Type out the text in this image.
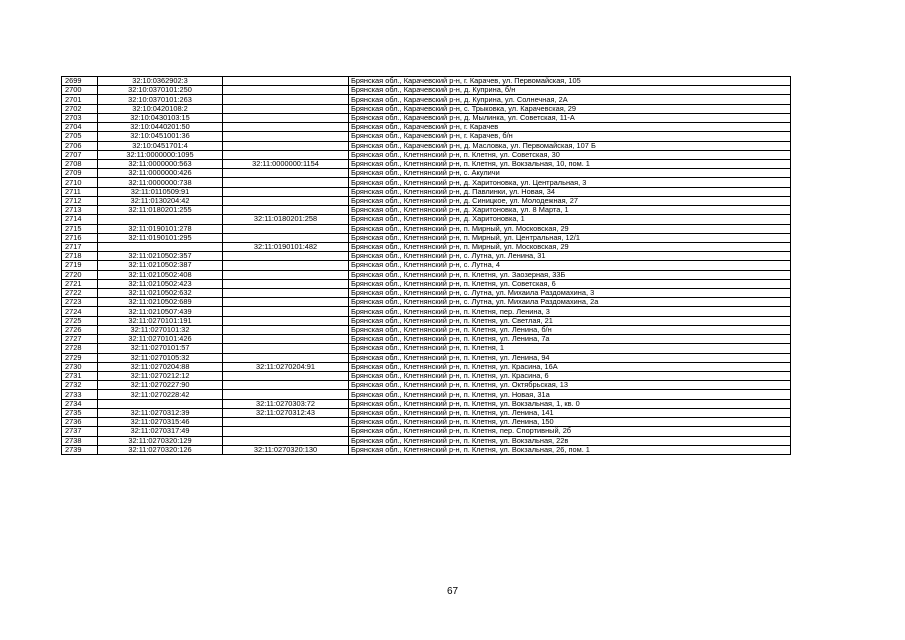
2699	32:10:0362902:3		Брянская обл., Карачевский р-н, г. Карачев, ул. Первомайская, 105
2700	32:10:0370101:250		Брянская обл., Карачевский р-н, д. Куприна, б/н
2701	32:10:0370101:263		Брянская обл., Карачевский р-н, д. Куприна, ул. Солнечная, 2А
2702	32:10:0420108:2		Брянская обл., Карачевский р-н, с. Трыковка, ул. Карачевская, 29
2703	32:10:0430103:15		Брянская обл., Карачевский р-н, д. Мылинка, ул. Советская, 11-А
2704	32:10:0440201:50		Брянская обл., Карачевский р-н, г. Карачев
2705	32:10:0451001:36		Брянская обл., Карачевский р-н, г. Карачев, б/н
2706	32:10:0451701:4		Брянская обл., Карачевский р-н, д. Масловка, ул. Первомайская, 107 Б
2707	32:11:0000000:1095		Брянская обл., Клетнянский р-н, п. Клетня, ул. Советская, 30
2708	32:11:0000000:563	32:11:0000000:1154	Брянская обл., Клетнянский р-н, п. Клетня, ул. Вокзальная, 10, пом. 1
2709	32:11:0000000:426		Брянская обл., Клетнянский р-н, с. Акуличи
2710	32:11:0000000:738		Брянская обл., Клетнянский р-н, д. Харитоновка, ул. Центральная, 3
2711	32:11:0110509:91		Брянская обл., Клетнянский р-н, д. Павлинки, ул. Новая, 34
2712	32:11:0130204:42		Брянская обл., Клетнянский р-н, д. Синицкое, ул. Молодежная, 27
2713	32:11:0180201:255		Брянская обл., Клетнянский р-н, д. Харитоновка, ул. 8 Марта, 1
2714		32:11:0180201:258	Брянская обл., Клетнянский р-н, д. Харитоновка, 1
2715	32:11:0190101:278		Брянская обл., Клетнянский р-н, п. Мирный, ул. Московская, 29
2716	32:11:0190101:295		Брянская обл., Клетнянский р-н, п. Мирный, ул. Центральная, 12/1
2717		32:11:0190101:482	Брянская обл., Клетнянский р-н, п. Мирный, ул. Московская, 29
2718	32:11:0210502:357		Брянская обл., Клетнянский р-н, с. Лутна, ул. Ленина, 31
2719	32:11:0210502:387		Брянская обл., Клетнянский р-н, с. Лутна, 4
2720	32:11:0210502:408		Брянская обл., Клетнянский р-н, п. Клетня, ул. Заозерная, 33Б
2721	32:11:0210502:423		Брянская обл., Клетнянский р-н, п. Клетня, ул. Советская, 6
2722	32:11:0210502:632		Брянская обл., Клетнянский р-н, с. Лутна, ул. Михаила Раздомахина, 3
2723	32:11:0210502:689		Брянская обл., Клетнянский р-н, с. Лутна, ул. Михаила Раздомахина, 2а
2724	32:11:0210507:439		Брянская обл., Клетнянский р-н, п. Клетня, пер. Ленина, 3
2725	32:11:0270101:191		Брянская обл., Клетнянский р-н, п. Клетня, ул. Светлая, 21
2726	32:11:0270101:32		Брянская обл., Клетнянский р-н, п. Клетня, ул. Ленина, б/н
2727	32:11:0270101:426		Брянская обл., Клетнянский р-н, п. Клетня, ул. Ленина, 7а
2728	32:11:0270101:57		Брянская обл., Клетнянский р-н, п. Клетня, 1
2729	32:11:0270105:32		Брянская обл., Клетнянский р-н, п. Клетня, ул. Ленина, 94
2730	32:11:0270204:88	32:11:0270204:91	Брянская обл., Клетнянский р-н, п. Клетня, ул. Красина, 16А
2731	32:11:0270212:12		Брянская обл., Клетнянский р-н, п. Клетня, ул. Красина, 6
2732	32:11:0270227:90		Брянская обл., Клетнянский р-н, п. Клетня, ул. Октябрьская, 13
2733	32:11:0270228:42		Брянская обл., Клетнянский р-н, п. Клетня, ул. Новая, 31а
2734		32:11:0270303:72	Брянская обл., Клетнянский р-н, п. Клетня, ул. Вокзальная, 1, кв. 0
2735	32:11:0270312:39	32:11:0270312:43	Брянская обл., Клетнянский р-н, п. Клетня, ул. Ленина, 141
2736	32:11:0270315:46		Брянская обл., Клетнянский р-н, п. Клетня, ул. Ленина, 150
2737	32:11:0270317:49		Брянская обл., Клетнянский р-н, п. Клетня, пер. Спортивный, 2б
2738	32:11:0270320:129		Брянская обл., Клетнянский р-н, п. Клетня, ул. Вокзальная, 22в
2739	32:11:0270320:126	32:11:0270320:130	Брянская обл., Клетнянский р-н, п. Клетня, ул. Вокзальная, 26, пом. 1
67
